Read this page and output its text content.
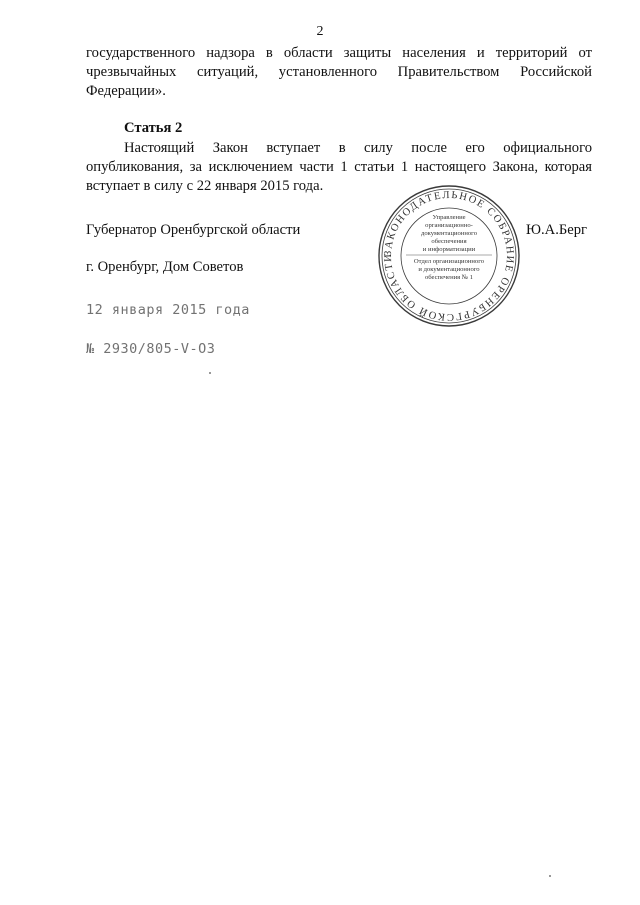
2
государственного надзора в области защиты населения и территорий от
чрезвычайных ситуаций, установленного Правительством Российской
Федерации».
Статья 2
Настоящий Закон вступает в силу после его официального
опубликования, за исключением части 1 статьи 1 настоящего Закона, которая
вступает в силу с 22 января 2015 года.
Губернатор Оренбургской области	Ю.А.Берг
г. Оренбург, Дом Советов
12 января 2015 года
№ 2930/805-V-ОЗ
ЗАКОНОДАТЕЛЬНОЕ СОБРАНИЕ ОРЕНБУРГСКОЙ ОБЛАСТИ
Управление
организационно-
документационного
обеспечения
и информатизации
Отдел организационного
и документационного
обеспечения № 1
